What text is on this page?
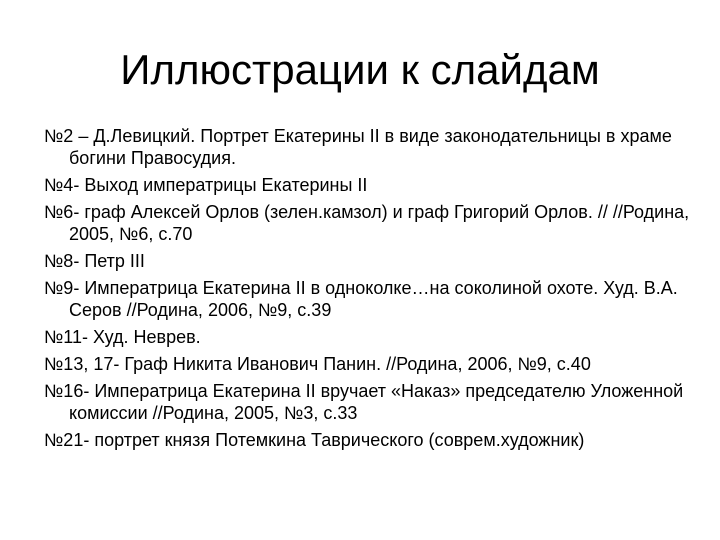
Иллюстрации к слайдам
№2 – Д.Левицкий. Портрет Екатерины II в виде законодательницы в храме богини Правосудия.
№4- Выход императрицы Екатерины II
№6- граф Алексей Орлов (зелен.камзол) и граф Григорий Орлов. // //Родина, 2005, №6, с.70
№8- Петр III
№9- Императрица Екатерина II в одноколке…на соколиной охоте. Худ. В.А. Серов //Родина, 2006, №9, с.39
№11- Худ. Неврев.
№13, 17- Граф Никита Иванович Панин. //Родина, 2006, №9, с.40
№16- Императрица Екатерина II вручает «Наказ» председателю Уложенной комиссии //Родина, 2005, №3, с.33
№21- портрет князя Потемкина Таврического (соврем.художник)
